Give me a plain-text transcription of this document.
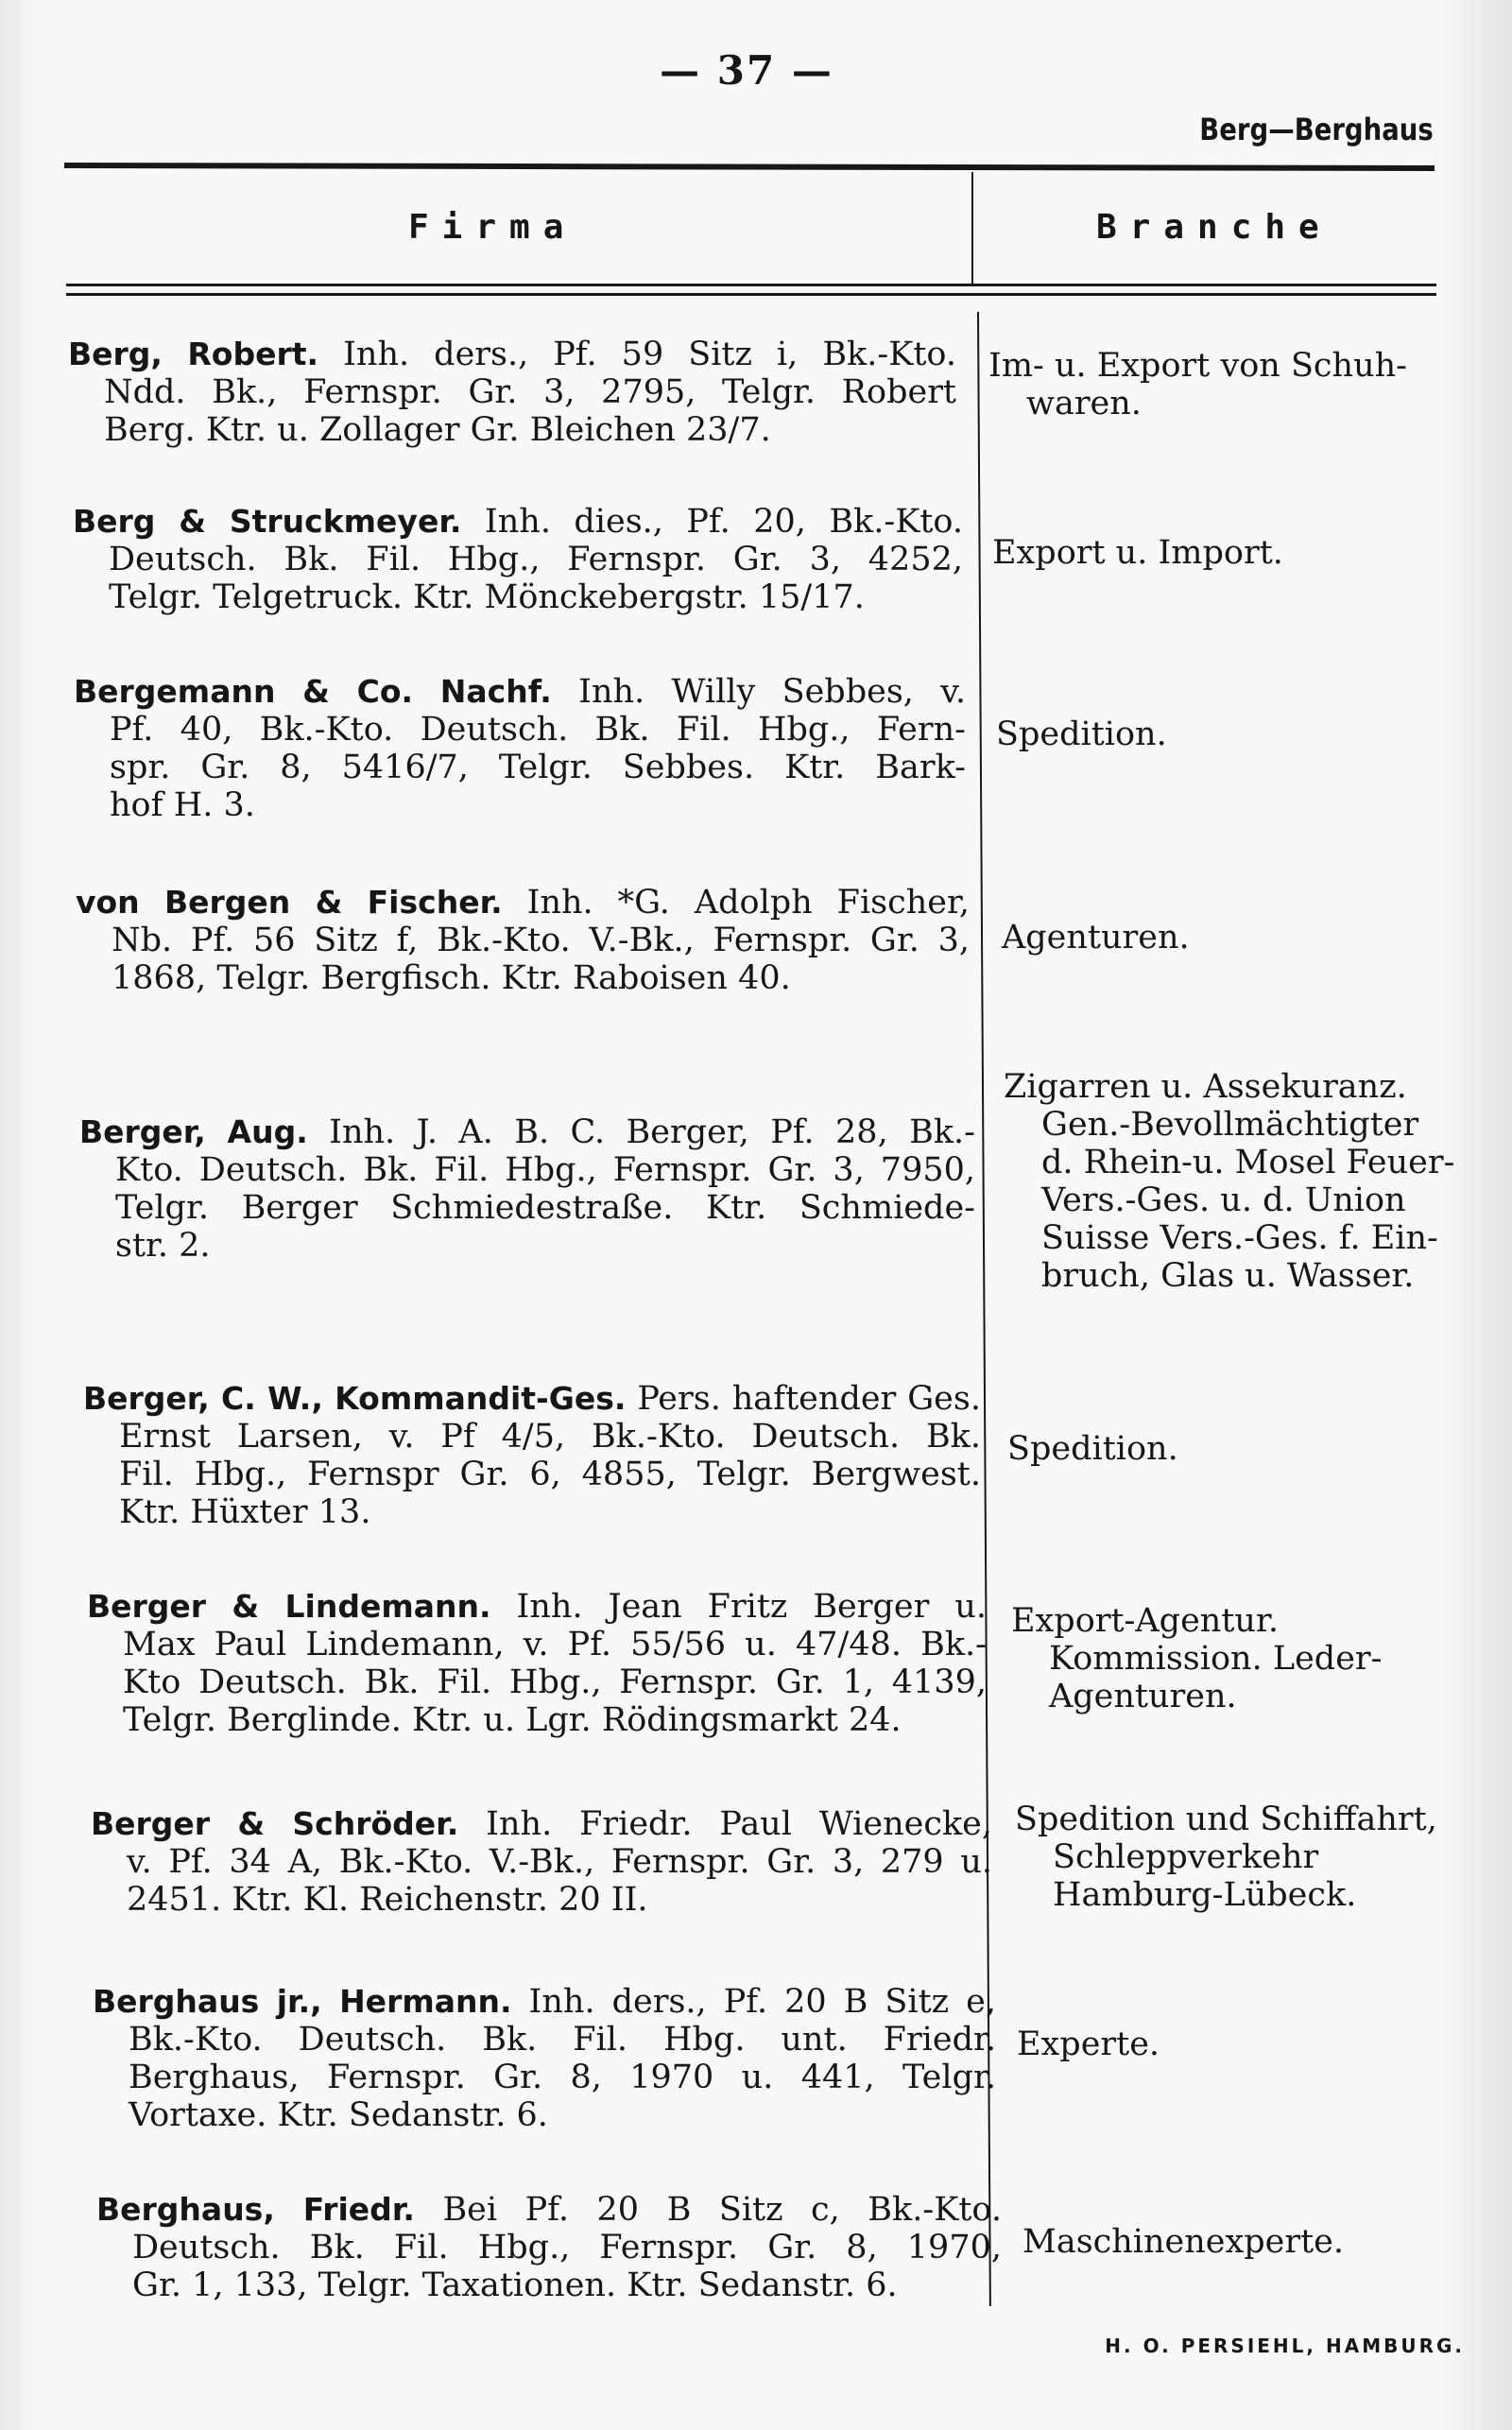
— 37 —
Berg—Berghaus
Firma	Branche
Berg, Robert. Inh. ders., Pf. 59 Sitz i, Bk.-Kto.
Ndd. Bk., Fernspr. Gr. 3, 2795, Telgr. Robert
Berg. Ktr. u. Zollager Gr. Bleichen 23/7.
Im- u. Export von Schuh-
waren.
Berg & Struckmeyer. Inh. dies., Pf. 20, Bk.-Kto.
Deutsch. Bk. Fil. Hbg., Fernspr. Gr. 3, 4252,
Telgr. Telgetruck. Ktr. Mönckebergstr. 15/17.
Export u. Import.
Bergemann & Co. Nachf. Inh. Willy Sebbes, v.
Pf. 40, Bk.-Kto. Deutsch. Bk. Fil. Hbg., Fern-
spr. Gr. 8, 5416/7, Telgr. Sebbes. Ktr. Bark-
hof H. 3.
Spedition.
von Bergen & Fischer. Inh. *G. Adolph Fischer,
Nb. Pf. 56 Sitz f, Bk.-Kto. V.-Bk., Fernspr. Gr. 3,
1868, Telgr. Bergfisch. Ktr. Raboisen 40.
Agenturen.
Berger, Aug. Inh. J. A. B. C. Berger, Pf. 28, Bk.-
Kto. Deutsch. Bk. Fil. Hbg., Fernspr. Gr. 3, 7950,
Telgr. Berger Schmiedestraße. Ktr. Schmiede-
str. 2.
Zigarren u. Assekuranz.
Gen.-Bevollmächtigter
d. Rhein-u. Mosel Feuer-
Vers.-Ges. u. d. Union
Suisse Vers.-Ges. f. Ein-
bruch, Glas u. Wasser.
Berger, C. W., Kommandit-Ges. Pers. haftender Ges.
Ernst Larsen, v. Pf 4/5, Bk.-Kto. Deutsch. Bk.
Fil. Hbg., Fernspr Gr. 6, 4855, Telgr. Bergwest.
Ktr. Hüxter 13.
Spedition.
Berger & Lindemann. Inh. Jean Fritz Berger u.
Max Paul Lindemann, v. Pf. 55/56 u. 47/48. Bk.-
Kto Deutsch. Bk. Fil. Hbg., Fernspr. Gr. 1, 4139,
Telgr. Berglinde. Ktr. u. Lgr. Rödingsmarkt 24.
Export-Agentur.
Kommission. Leder-
Agenturen.
Berger & Schröder. Inh. Friedr. Paul Wienecke,
v. Pf. 34 A, Bk.-Kto. V.-Bk., Fernspr. Gr. 3, 279 u.
2451. Ktr. Kl. Reichenstr. 20 II.
Spedition und Schiffahrt,
Schleppverkehr
Hamburg-Lübeck.
Berghaus jr., Hermann. Inh. ders., Pf. 20 B Sitz e,
Bk.-Kto. Deutsch. Bk. Fil. Hbg. unt. Friedr.
Berghaus, Fernspr. Gr. 8, 1970 u. 441, Telgr.
Vortaxe. Ktr. Sedanstr. 6.
Experte.
Berghaus, Friedr. Bei Pf. 20 B Sitz c, Bk.-Kto.
Deutsch. Bk. Fil. Hbg., Fernspr. Gr. 8, 1970,
Gr. 1, 133, Telgr. Taxationen. Ktr. Sedanstr. 6.
Maschinenexperte.
H. O. PERSIEHL, HAMBURG.
